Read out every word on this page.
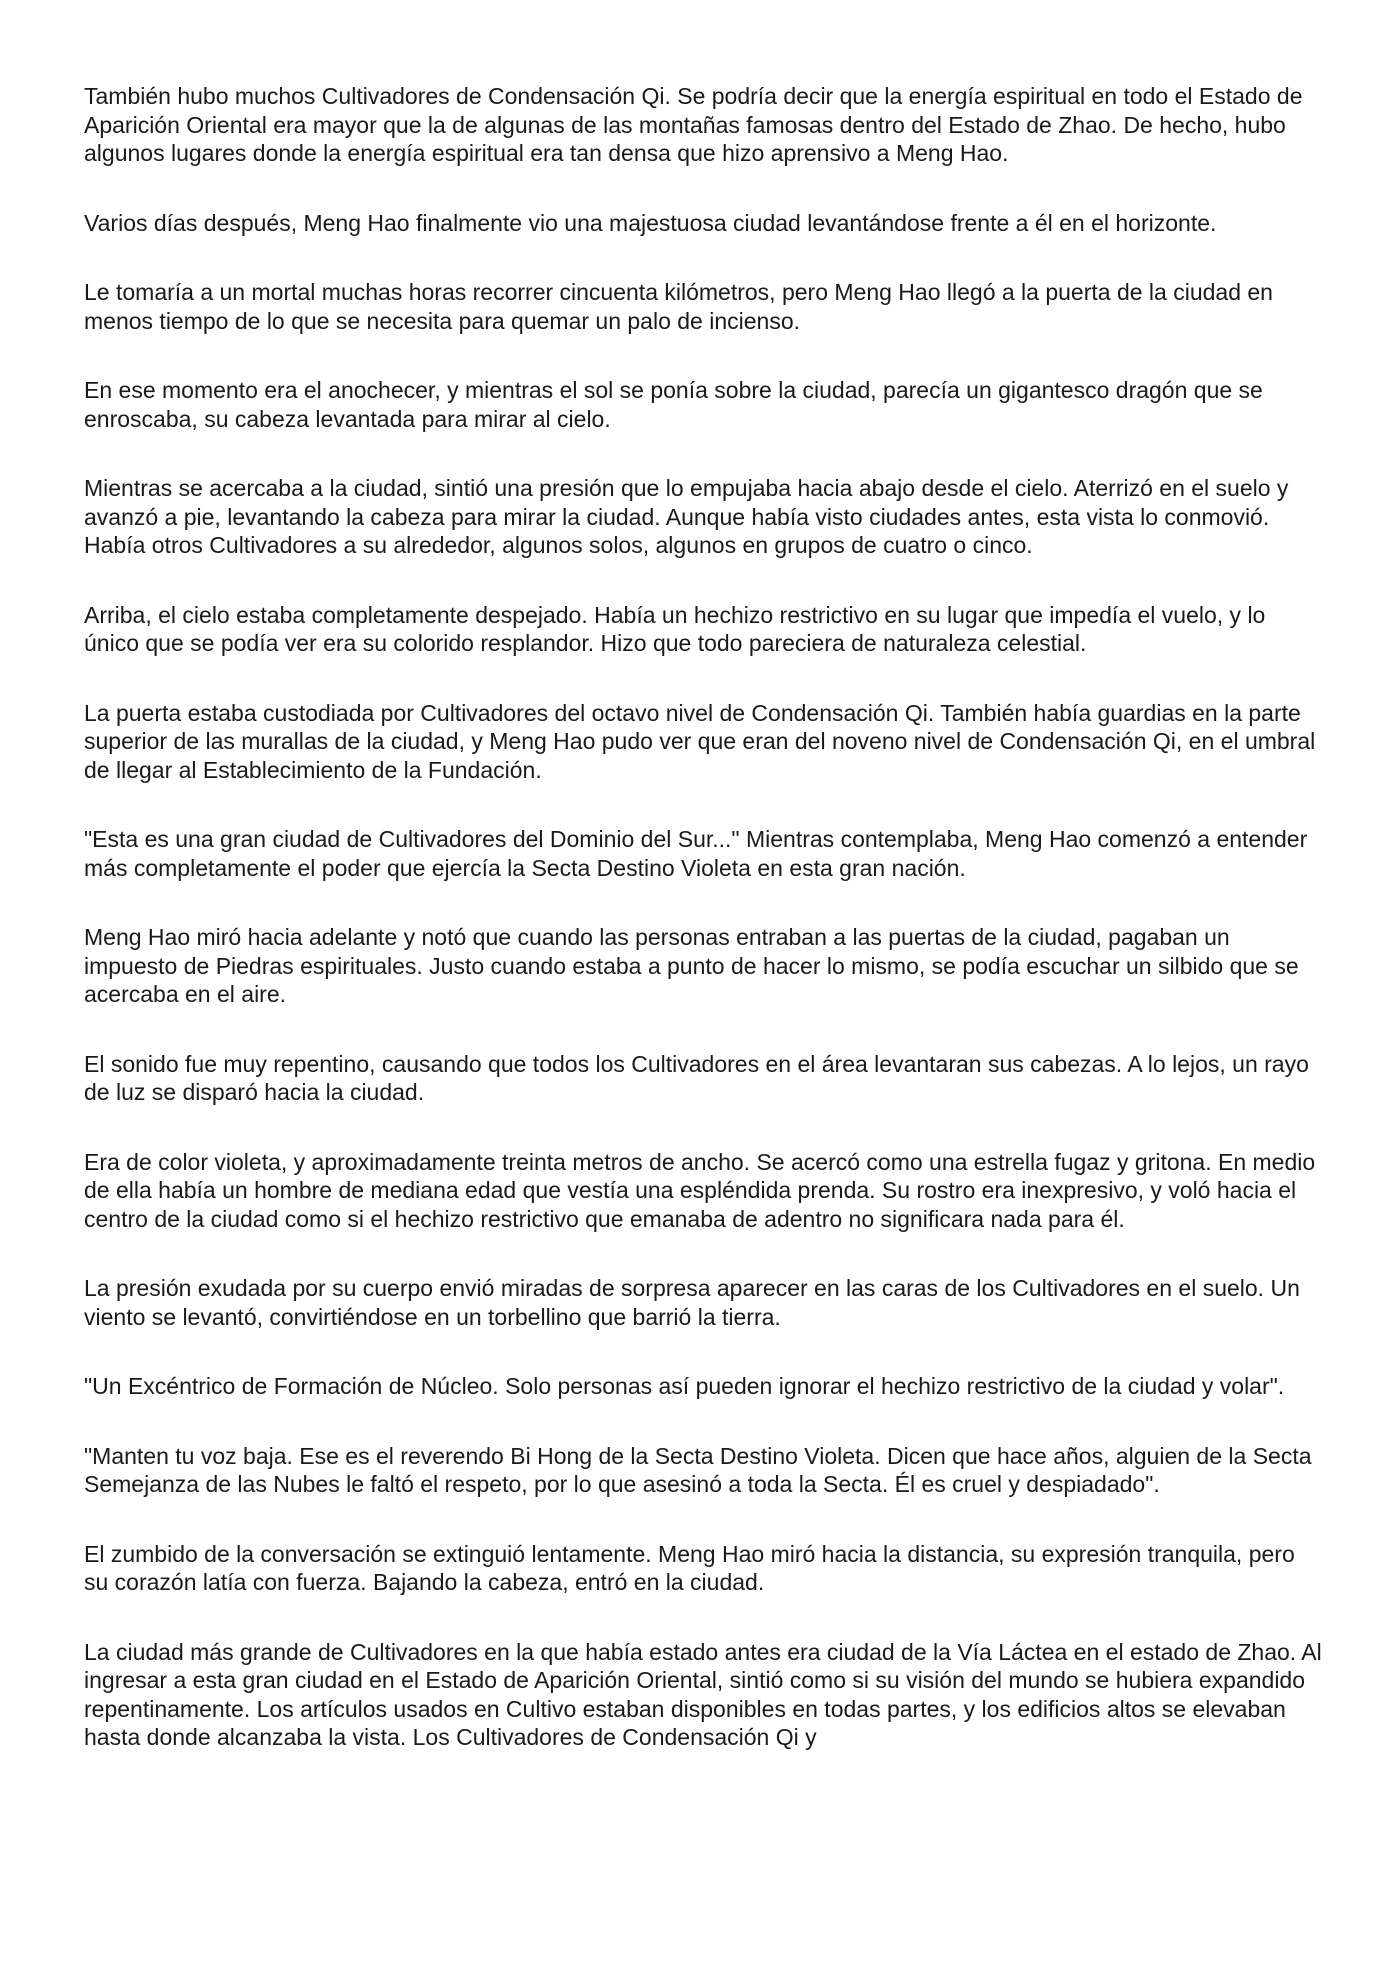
También hubo muchos Cultivadores de Condensación Qi. Se podría decir que la energía espiritual en todo el Estado de Aparición Oriental era mayor que la de algunas de las montañas famosas dentro del Estado de Zhao. De hecho, hubo algunos lugares donde la energía espiritual era tan densa que hizo aprensivo a Meng Hao.

Varios días después, Meng Hao finalmente vio una majestuosa ciudad levantándose frente a él en el horizonte.

Le tomaría a un mortal muchas horas recorrer cincuenta kilómetros, pero Meng Hao llegó a la puerta de la ciudad en menos tiempo de lo que se necesita para quemar un palo de incienso.

En ese momento era el anochecer, y mientras el sol se ponía sobre la ciudad, parecía un gigantesco dragón que se enroscaba, su cabeza levantada para mirar al cielo.

Mientras se acercaba a la ciudad, sintió una presión que lo empujaba hacia abajo desde el cielo. Aterrizó en el suelo y avanzó a pie, levantando la cabeza para mirar la ciudad. Aunque había visto ciudades antes, esta vista lo conmovió. Había otros Cultivadores a su alrededor, algunos solos, algunos en grupos de cuatro o cinco.

Arriba, el cielo estaba completamente despejado. Había un hechizo restrictivo en su lugar que impedía el vuelo, y lo único que se podía ver era su colorido resplandor. Hizo que todo pareciera de naturaleza celestial.

La puerta estaba custodiada por Cultivadores del octavo nivel de Condensación Qi. También había guardias en la parte superior de las murallas de la ciudad, y Meng Hao pudo ver que eran del noveno nivel de Condensación Qi, en el umbral de llegar al Establecimiento de la Fundación.

"Esta es una gran ciudad de Cultivadores del Dominio del Sur..." Mientras contemplaba, Meng Hao comenzó a entender más completamente el poder que ejercía la Secta Destino Violeta en esta gran nación.

Meng Hao miró hacia adelante y notó que cuando las personas entraban a las puertas de la ciudad, pagaban un impuesto de Piedras espirituales. Justo cuando estaba a punto de hacer lo mismo, se podía escuchar un silbido que se acercaba en el aire.

El sonido fue muy repentino, causando que todos los Cultivadores en el área levantaran sus cabezas. A lo lejos, un rayo de luz se disparó hacia la ciudad.

Era de color violeta, y aproximadamente treinta metros de ancho. Se acercó como una estrella fugaz y gritona. En medio de ella había un hombre de mediana edad que vestía una espléndida prenda. Su rostro era inexpresivo, y voló hacia el centro de la ciudad como si el hechizo restrictivo que emanaba de adentro no significara nada para él.

La presión exudada por su cuerpo envió miradas de sorpresa aparecer en las caras de los Cultivadores en el suelo. Un viento se levantó, convirtiéndose en un torbellino que barrió la tierra.

"Un Excéntrico de Formación de Núcleo. Solo personas así pueden ignorar el hechizo restrictivo de la ciudad y volar".

"Manten tu voz baja. Ese es el reverendo Bi Hong de la Secta Destino Violeta. Dicen que hace años, alguien de la Secta Semejanza de las Nubes le faltó el respeto, por lo que asesinó a toda la Secta. Él es cruel y despiadado".

El zumbido de la conversación se extinguió lentamente. Meng Hao miró hacia la distancia, su expresión tranquila, pero su corazón latía con fuerza. Bajando la cabeza, entró en la ciudad.

La ciudad más grande de Cultivadores en la que había estado antes era ciudad de la Vía Láctea en el estado de Zhao. Al ingresar a esta gran ciudad en el Estado de Aparición Oriental, sintió como si su visión del mundo se hubiera expandido repentinamente. Los artículos usados en Cultivo estaban disponibles en todas partes, y los edificios altos se elevaban hasta donde alcanzaba la vista. Los Cultivadores de Condensación Qi y
